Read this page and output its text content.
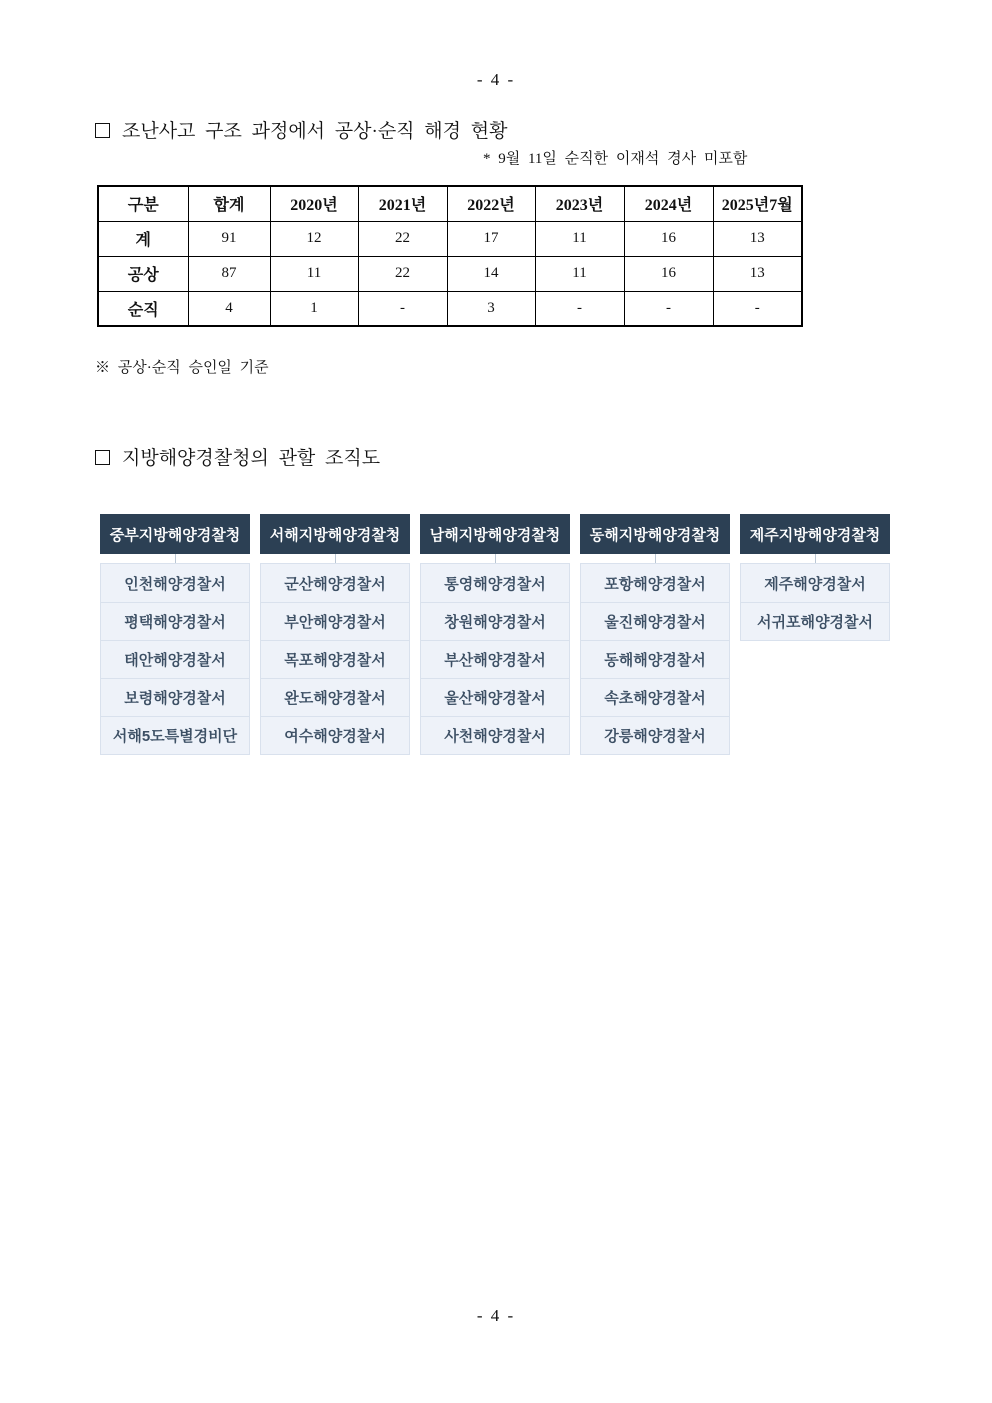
- 4 -
조난사고 구조 과정에서 공상·순직 해경 현황
* 9월 11일 순직한 이재석 경사 미포함
구분	합계	2020년	2021년	2022년	2023년	2024년	2025년7월
계	91	12	22	17	11	16	13
공상	87	11	22	14	11	16	13
순직	4	1	-	3	-	-	-
※ 공상·순직 승인일 기준
지방해양경찰청의 관할 조직도
중부지방해양경찰청
인천해양경찰서
평택해양경찰서
태안해양경찰서
보령해양경찰서
서해5도특별경비단
서해지방해양경찰청
군산해양경찰서
부안해양경찰서
목포해양경찰서
완도해양경찰서
여수해양경찰서
남해지방해양경찰청
통영해양경찰서
창원해양경찰서
부산해양경찰서
울산해양경찰서
사천해양경찰서
동해지방해양경찰청
포항해양경찰서
울진해양경찰서
동해해양경찰서
속초해양경찰서
강릉해양경찰서
제주지방해양경찰청
제주해양경찰서
서귀포해양경찰서
- 4 -
